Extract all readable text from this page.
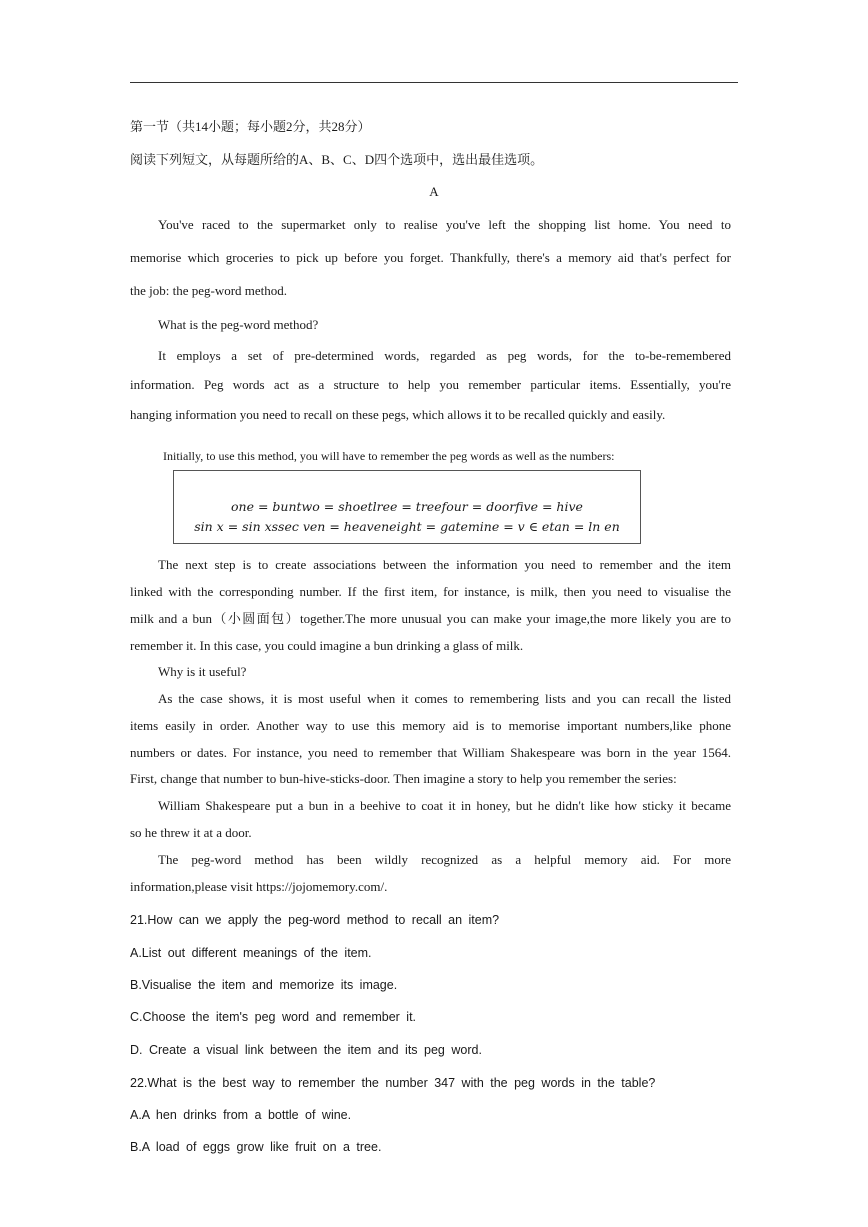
第一节（共14小题；每小题2分，共28分）
阅读下列短文，从每题所给的A、B、C、D四个选项中，选出最佳选项。
A
You've raced to the supermarket only to realise you've left the shopping list home. You need to
memorise which groceries to pick up before you forget. Thankfully, there's a memory aid that's perfect for
the job: the peg-word method.
What is the peg-word method?
It employs a set of pre-determined words, regarded as peg words, for the to-be-remembered
information. Peg words act as a structure to help you remember particular items. Essentially, you're
hanging information you need to recall on these pegs, which allows it to be recalled quickly and easily.
Initially, to use this method, you will have to remember the peg words as well as the numbers:
one = buntwo = shoetlree = treefour = doorfive = hive
sin x = sin xssec ven = heaveneight = gatemine = v ∈ etan = ln en
The next step is to create associations between the information you need to remember and the item
linked with the corresponding number. If the first item, for instance, is milk, then you need to visualise the
milk and a bun（小圆面包）together.The more unusual you can make your image,the more likely you are to
remember it. In this case, you could imagine a bun drinking a glass of milk.
Why is it useful?
As the case shows, it is most useful when it comes to remembering lists and you can recall the listed
items easily in order. Another way to use this memory aid is to memorise important numbers,like phone
numbers or dates. For instance, you need to remember that William Shakespeare was born in the year 1564.
First, change that number to bun-hive-sticks-door. Then imagine a story to help you remember the series:
William Shakespeare put a bun in a beehive to coat it in honey, but he didn't like how sticky it became
so he threw it at a door.
The peg-word method has been wildly recognized as a helpful memory aid. For more
information,please visit https://jojomemory.com/.
21.How can we apply the peg-word method to recall an item?
A.List out different meanings of the item.
B.Visualise the item and memorize its image.
C.Choose the item's peg word and remember it.
D. Create a visual link between the item and its peg word.
22.What is the best way to remember the number 347 with the peg words in the table?
A.A hen drinks from a bottle of wine.
B.A load of eggs grow like fruit on a tree.
